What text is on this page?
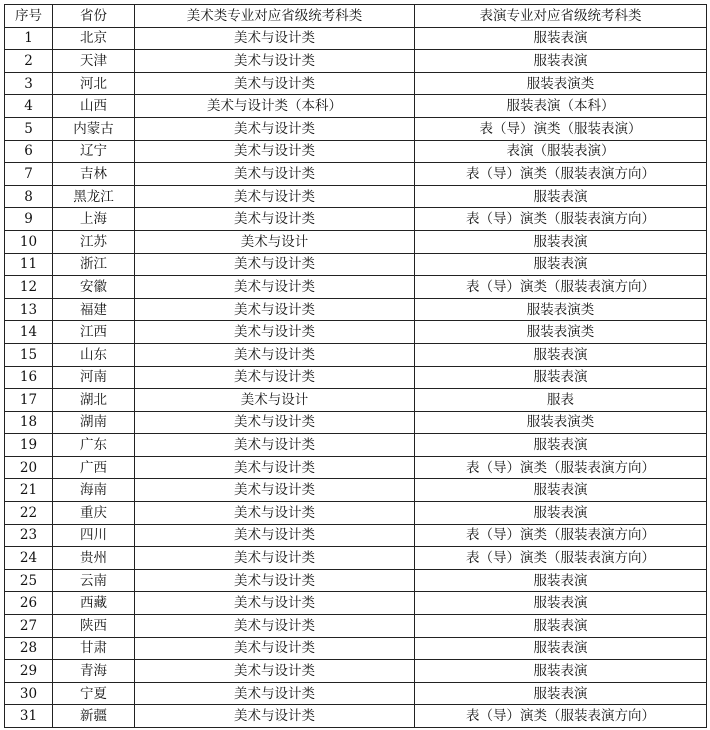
序号	省份	美术类专业对应省级统考科类	表演专业对应省级统考科类
1	北京	美术与设计类	服装表演
2	天津	美术与设计类	服装表演
3	河北	美术与设计类	服装表演类
4	山西	美术与设计类（本科）	服装表演（本科）
5	内蒙古	美术与设计类	表（导）演类（服装表演）
6	辽宁	美术与设计类	表演（服装表演）
7	吉林	美术与设计类	表（导）演类（服装表演方向）
8	黑龙江	美术与设计类	服装表演
9	上海	美术与设计类	表（导）演类（服装表演方向）
10	江苏	美术与设计	服装表演
11	浙江	美术与设计类	服装表演
12	安徽	美术与设计类	表（导）演类（服装表演方向）
13	福建	美术与设计类	服装表演类
14	江西	美术与设计类	服装表演类
15	山东	美术与设计类	服装表演
16	河南	美术与设计类	服装表演
17	湖北	美术与设计	服表
18	湖南	美术与设计类	服装表演类
19	广东	美术与设计类	服装表演
20	广西	美术与设计类	表（导）演类（服装表演方向）
21	海南	美术与设计类	服装表演
22	重庆	美术与设计类	服装表演
23	四川	美术与设计类	表（导）演类（服装表演方向）
24	贵州	美术与设计类	表（导）演类（服装表演方向）
25	云南	美术与设计类	服装表演
26	西藏	美术与设计类	服装表演
27	陕西	美术与设计类	服装表演
28	甘肃	美术与设计类	服装表演
29	青海	美术与设计类	服装表演
30	宁夏	美术与设计类	服装表演
31	新疆	美术与设计类	表（导）演类（服装表演方向）
